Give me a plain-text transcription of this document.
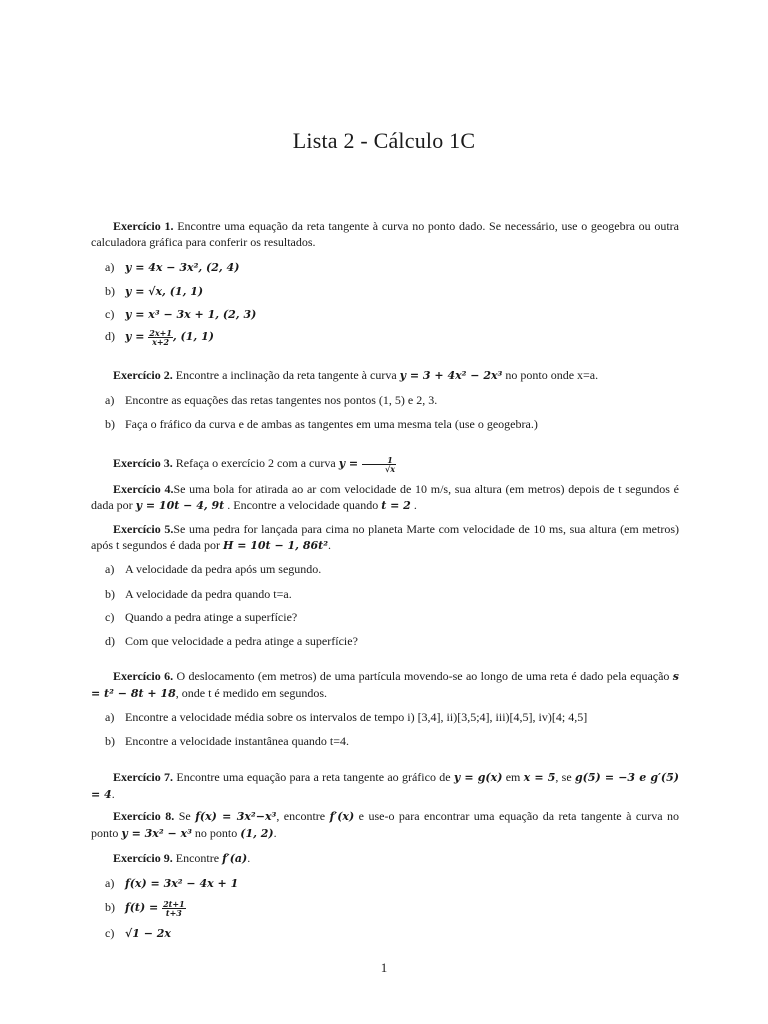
Lista 2 - Cálculo 1C
Exercício 1. Encontre uma equação da reta tangente à curva no ponto dado. Se necessário, use o geogebra ou outra calculadora gráfica para conferir os resultados.
a) y = 4x − 3x², (2, 4)
b) y = √x, (1, 1)
c) y = x³ − 3x + 1, (2, 3)
d) $y = \frac{2x+1}{x+2}$ , (1, 1)
Exercício 2. Encontre a inclinação da reta tangente à curva y = 3 + 4x² − 2x³ no ponto onde x=a.
a) Encontre as equações das retas tangentes nos pontos (1, 5) e 2, 3.
b) Faça o fráfico da curva e de ambas as tangentes em uma mesma tela (use o geogebra.)
Exercício 3. Refaça o exercício 2 com a curva $y = \frac{1}{√x}$
Exercício 4.Se uma bola for atirada ao ar com velocidade de 10 m/s, sua altura (em metros) depois de t segundos é dada por y = 10t − 4, 9t . Encontre a velocidade quando t = 2 .
Exercício 5.Se uma pedra for lançada para cima no planeta Marte com velocidade de 10 ms, sua altura (em metros) após t segundos é dada por H = 10t − 1, 86t².
a) A velocidade da pedra após um segundo.
b) A velocidade da pedra quando t=a.
c) Quando a pedra atinge a superfície?
d) Com que velocidade a pedra atinge a superfície?
Exercício 6. O deslocamento (em metros) de uma partícula movendo-se ao longo de uma reta é dado pela equação s = t² − 8t + 18, onde t é medido em segundos.
a) Encontre a velocidade média sobre os intervalos de tempo i) [3,4], ii)[3,5;4], iii)[4,5], iv)[4; 4,5]
b) Encontre a velocidade instantânea quando t=4.
Exercício 7. Encontre uma equação para a reta tangente ao gráfico de y = g(x) em x = 5, se g(5) = −3 e g′(5) = 4.
Exercício 8. Se f(x) = 3x²−x³, encontre f′(x) e use-o para encontrar uma equação da reta tangente à curva no ponto y = 3x² − x³ no ponto (1, 2).
Exercício 9. Encontre f′(a).
a) f(x) = 3x² − 4x + 1
b) $f(t) = \frac{2t+1}{t+3}$
c) √1 − 2x
1
